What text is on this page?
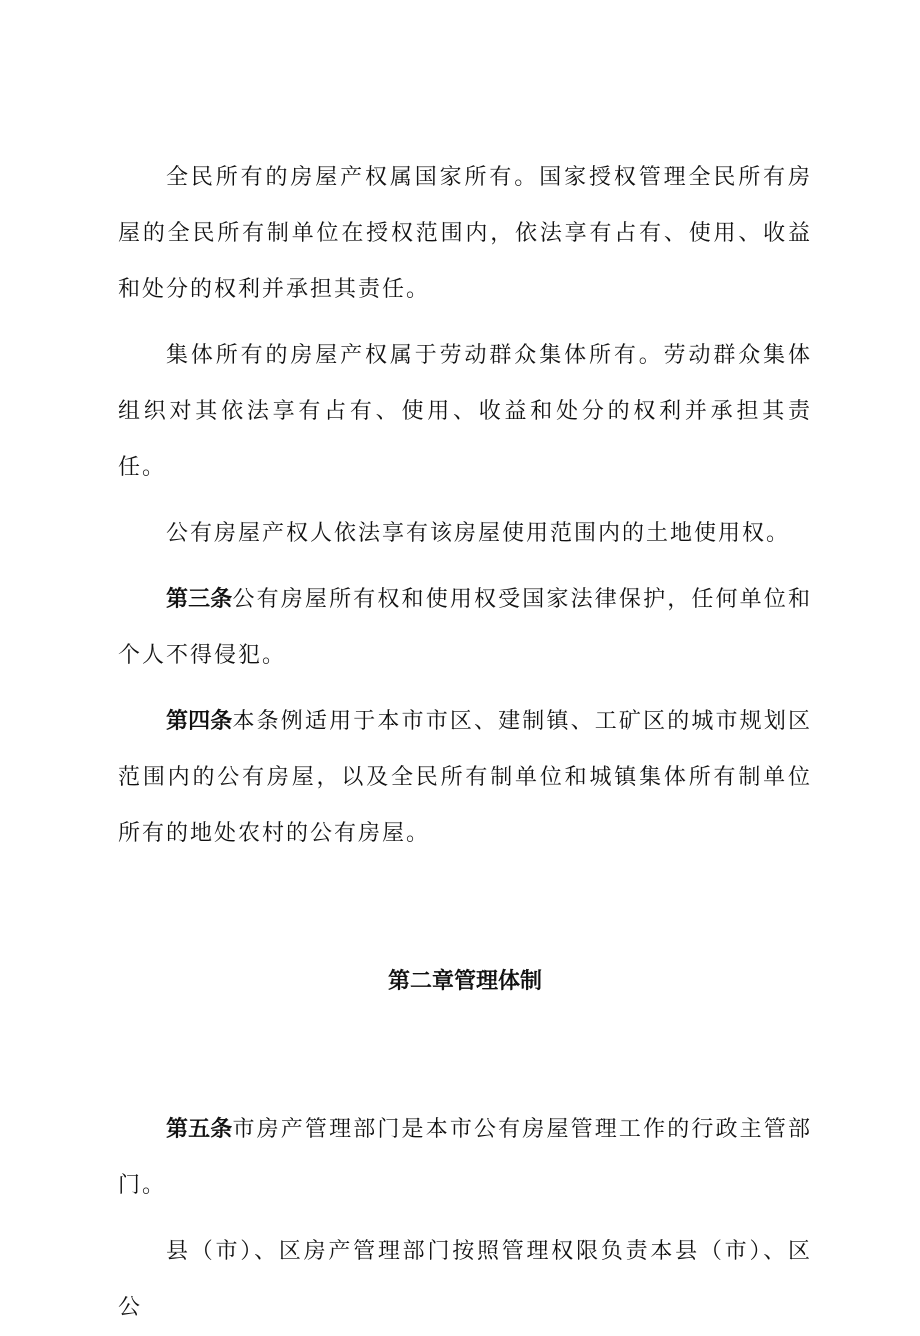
全民所有的房屋产权属国家所有。国家授权管理全民所有房屋的全民所有制单位在授权范围内，依法享有占有、使用、收益和处分的权利并承担其责任。

集体所有的房屋产权属于劳动群众集体所有。劳动群众集体组织对其依法享有占有、使用、收益和处分的权利并承担其责任。

公有房屋产权人依法享有该房屋使用范围内的土地使用权。

第三条公有房屋所有权和使用权受国家法律保护，任何单位和个人不得侵犯。

第四条本条例适用于本市市区、建制镇、工矿区的城市规划区范围内的公有房屋，以及全民所有制单位和城镇集体所有制单位所有的地处农村的公有房屋。

第二章管理体制

第五条市房产管理部门是本市公有房屋管理工作的行政主管部门。

县（市）、区房产管理部门按照管理权限负责本县（市）、区公
